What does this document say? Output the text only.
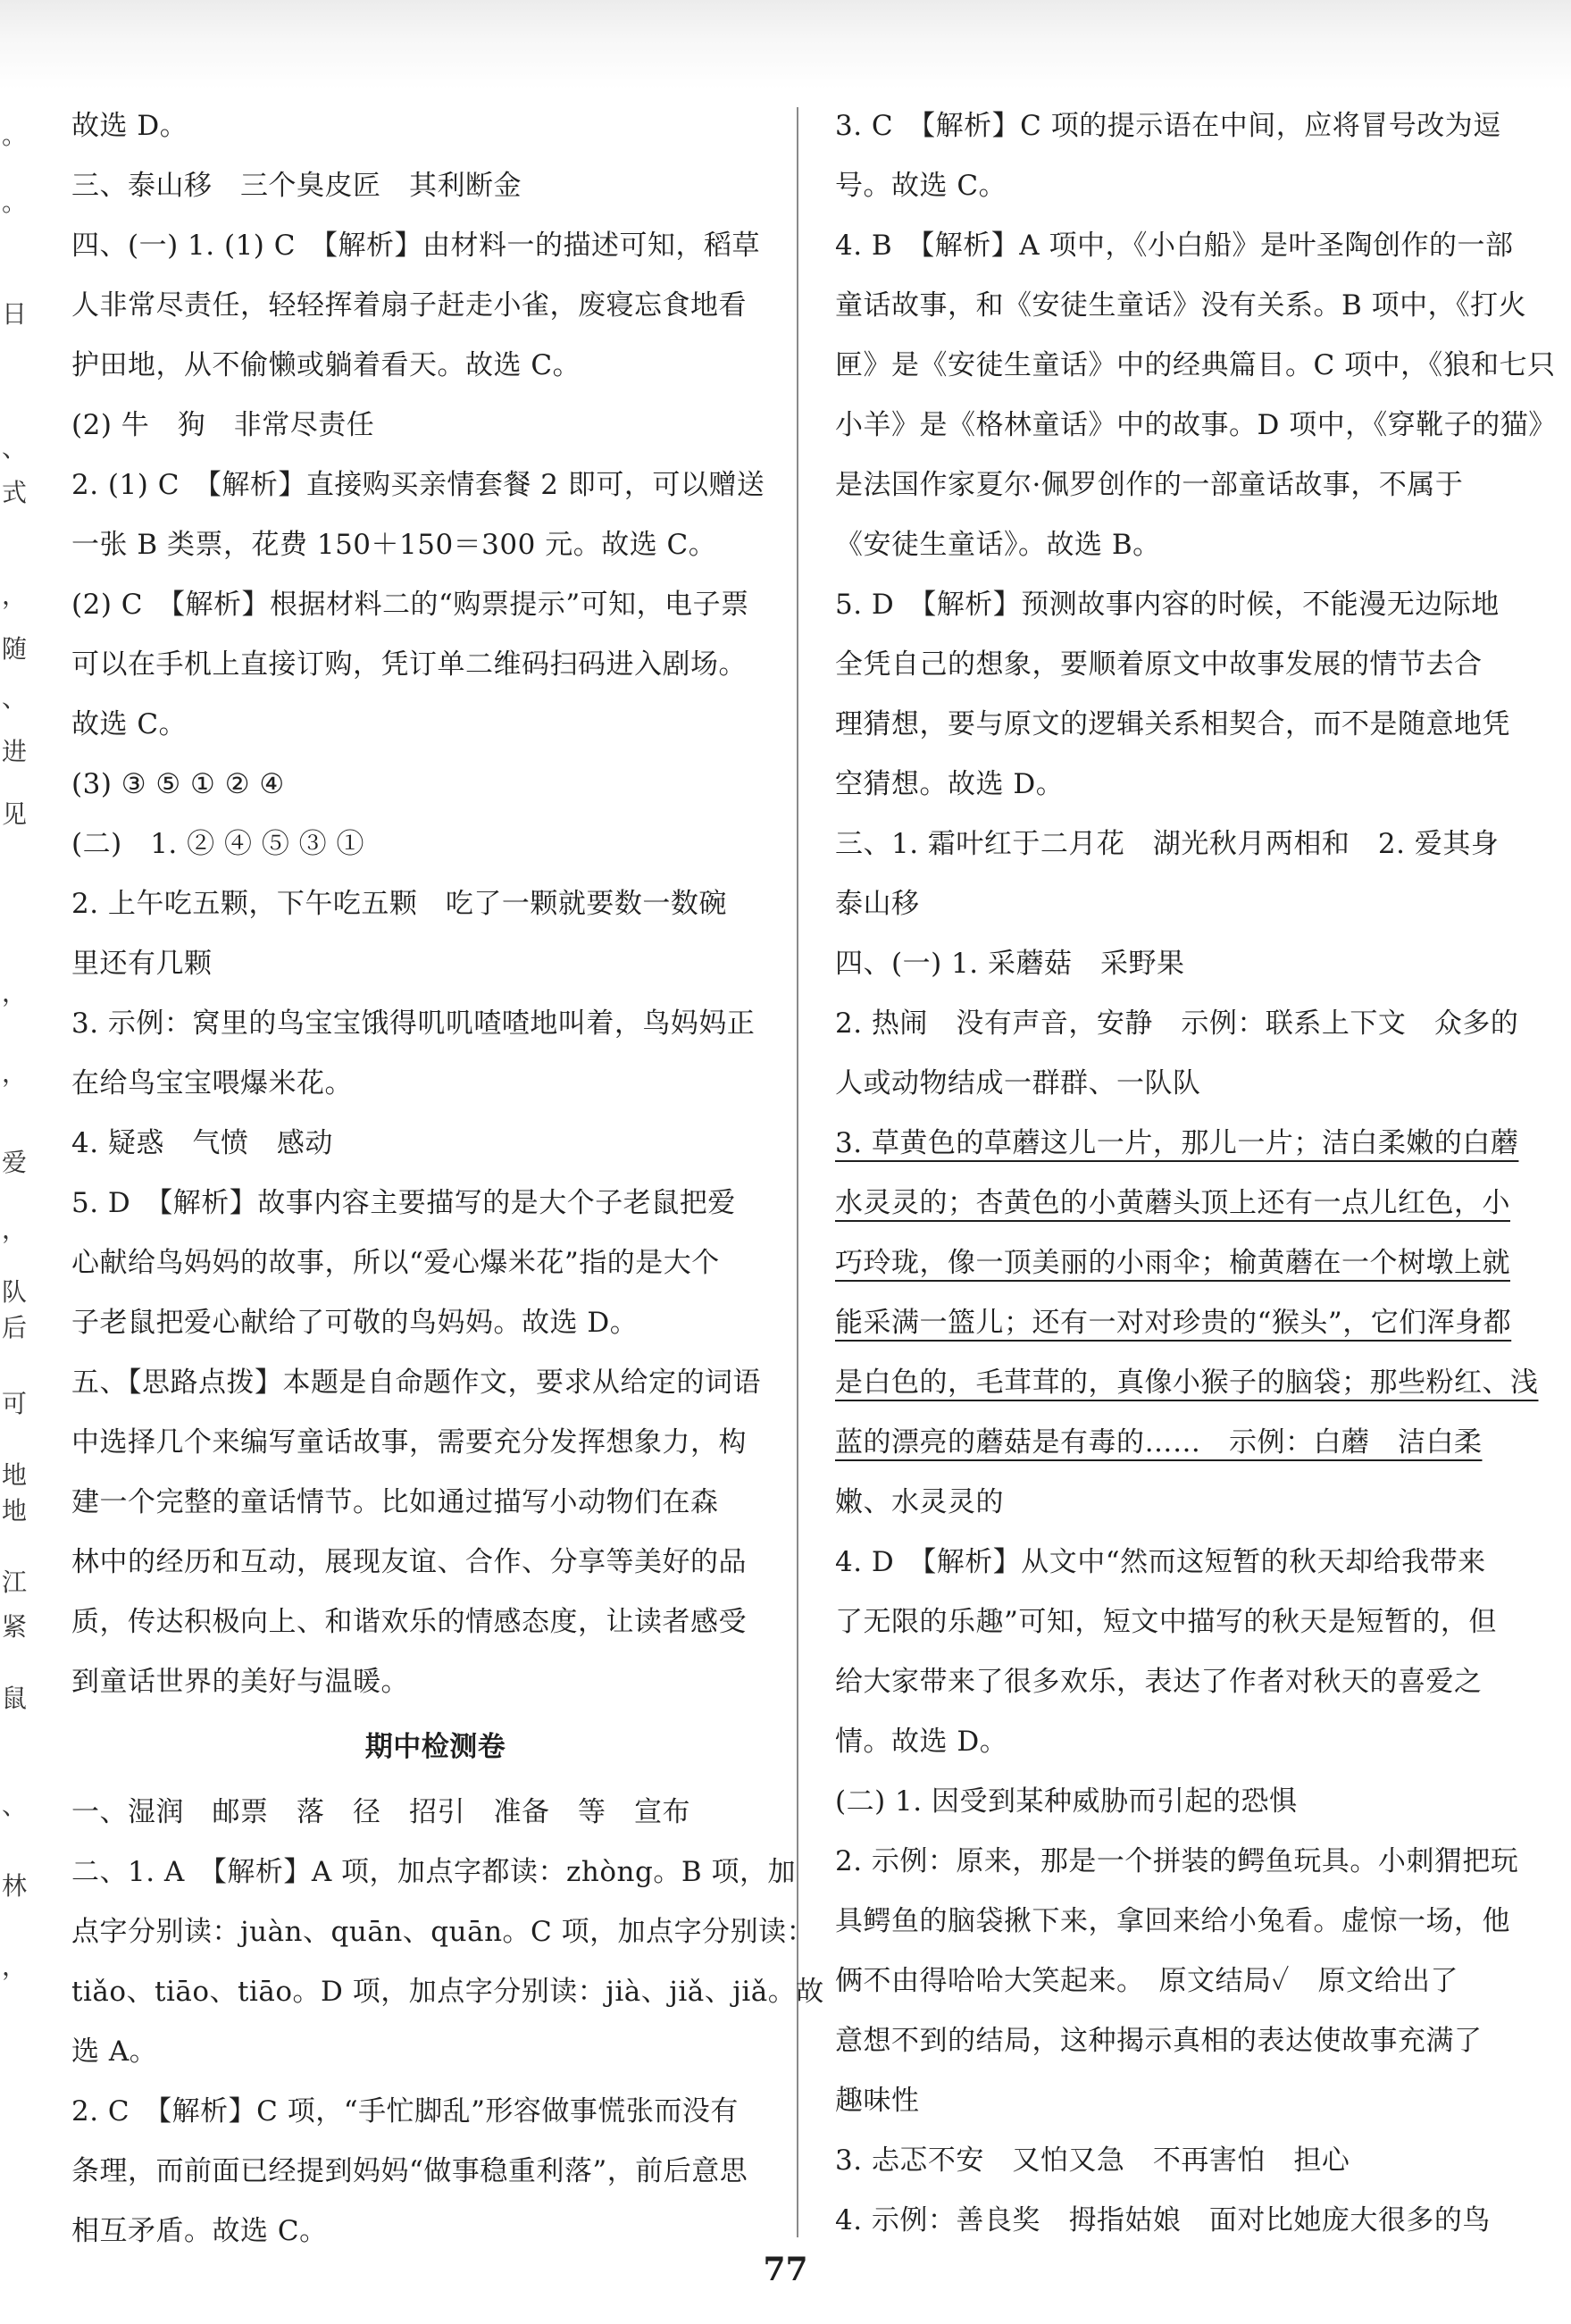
。
。
日
、
式
，
随
、
进
见
，
，
爱
，
队
后
可
地
地
江
紧
鼠
、
林
，
故选 D。
三、泰山移　三个臭皮匠　其利断金
四、(一) 1. (1) C　【解析】由材料一的描述可知，稻草
人非常尽责任，轻轻挥着扇子赶走小雀，废寝忘食地看
护田地，从不偷懒或躺着看天。故选 C。
(2) 牛　狗　非常尽责任
2. (1) C　【解析】直接购买亲情套餐 2 即可，可以赠送
一张 B 类票，花费 150＋150＝300 元。故选 C。
(2) C　【解析】根据材料二的“购票提示”可知，电子票
可以在手机上直接订购，凭订单二维码扫码进入剧场。
故选 C。
(3) ③ ⑤ ① ② ④
(二)　1. ② ④ ⑤ ③ ①
2. 上午吃五颗，下午吃五颗　吃了一颗就要数一数碗
里还有几颗
3. 示例：窝里的鸟宝宝饿得叽叽喳喳地叫着，鸟妈妈正
在给鸟宝宝喂爆米花。
4. 疑惑　气愤　感动
5. D　【解析】故事内容主要描写的是大个子老鼠把爱
心献给鸟妈妈的故事，所以“爱心爆米花”指的是大个
子老鼠把爱心献给了可敬的鸟妈妈。故选 D。
五、【思路点拨】本题是自命题作文，要求从给定的词语
中选择几个来编写童话故事，需要充分发挥想象力，构
建一个完整的童话情节。比如通过描写小动物们在森
林中的经历和互动，展现友谊、合作、分享等美好的品
质，传达积极向上、和谐欢乐的情感态度，让读者感受
到童话世界的美好与温暖。
期中检测卷
一、湿润　邮票　落　径　招引　准备　等　宣布
二、1. A　【解析】A 项，加点字都读：zhòng。B 项，加
点字分别读：juàn、quān、quān。C 项，加点字分别读：
tiǎo、tiāo、tiāo。D 项，加点字分别读：jià、jiǎ、jiǎ。故
选 A。
2. C　【解析】C 项，“手忙脚乱”形容做事慌张而没有
条理，而前面已经提到妈妈“做事稳重利落”，前后意思
相互矛盾。故选 C。
3. C　【解析】C 项的提示语在中间，应将冒号改为逗
号。故选 C。
4. B　【解析】A 项中，《小白船》是叶圣陶创作的一部
童话故事，和《安徒生童话》没有关系。B 项中，《打火
匣》是《安徒生童话》中的经典篇目。C 项中，《狼和七只
小羊》是《格林童话》中的故事。D 项中，《穿靴子的猫》
是法国作家夏尔·佩罗创作的一部童话故事，不属于
《安徒生童话》。故选 B。
5. D　【解析】预测故事内容的时候，不能漫无边际地
全凭自己的想象，要顺着原文中故事发展的情节去合
理猜想，要与原文的逻辑关系相契合，而不是随意地凭
空猜想。故选 D。
三、1. 霜叶红于二月花　湖光秋月两相和　2. 爱其身
泰山移
四、(一) 1. 采蘑菇　采野果
2. 热闹　没有声音，安静　示例：联系上下文　众多的
人或动物结成一群群、一队队
3. 草黄色的草蘑这儿一片，那儿一片；洁白柔嫩的白蘑
水灵灵的；杏黄色的小黄蘑头顶上还有一点儿红色，小
巧玲珑，像一顶美丽的小雨伞；榆黄蘑在一个树墩上就
能采满一篮儿；还有一对对珍贵的“猴头”，它们浑身都
是白色的，毛茸茸的，真像小猴子的脑袋；那些粉红、浅
蓝的漂亮的蘑菇是有毒的……　示例：白蘑　洁白柔
嫩、水灵灵的
4. D　【解析】从文中“然而这短暂的秋天却给我带来
了无限的乐趣”可知，短文中描写的秋天是短暂的，但
给大家带来了很多欢乐，表达了作者对秋天的喜爱之
情。故选 D。
(二) 1. 因受到某种威胁而引起的恐惧
2. 示例：原来，那是一个拼装的鳄鱼玩具。小刺猬把玩
具鳄鱼的脑袋揪下来，拿回来给小兔看。虚惊一场，他
俩不由得哈哈大笑起来。　原文结局✓　原文给出了
意想不到的结局，这种揭示真相的表达使故事充满了
趣味性
3. 忐忑不安　又怕又急　不再害怕　担心
4. 示例：善良奖　拇指姑娘　面对比她庞大很多的鸟
77
